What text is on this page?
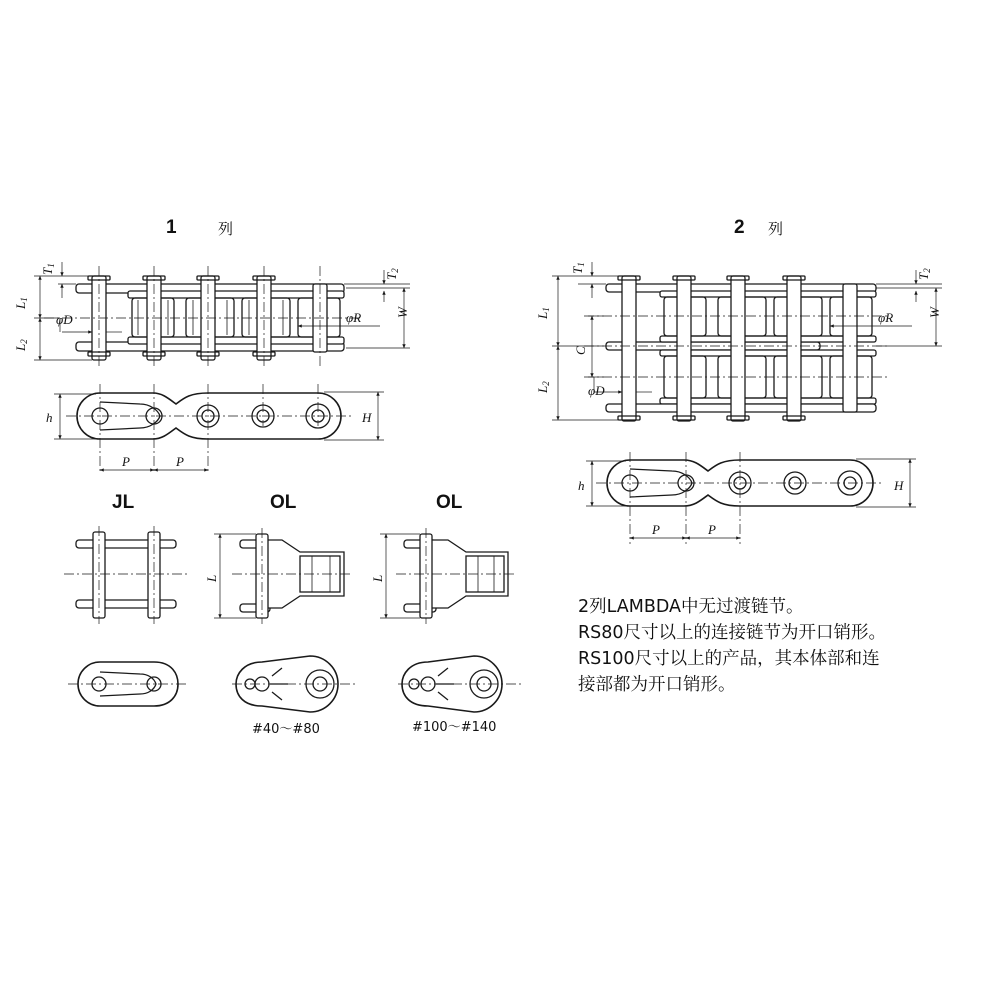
1	列
T1
L1
L2
φD	φR
T2
W
h	H
P	P
2 列
T1
L1
L2
C
φD
φR
T2
W
h	H
P	P
JL	OL
L
#40～#80
OL
L
#100～#140
2列LAMBDA中无过渡链节。
RS80尺寸以上的连接链节为开口销形。
RS100尺寸以上的产品，其本体部和连
接部都为开口销形。
